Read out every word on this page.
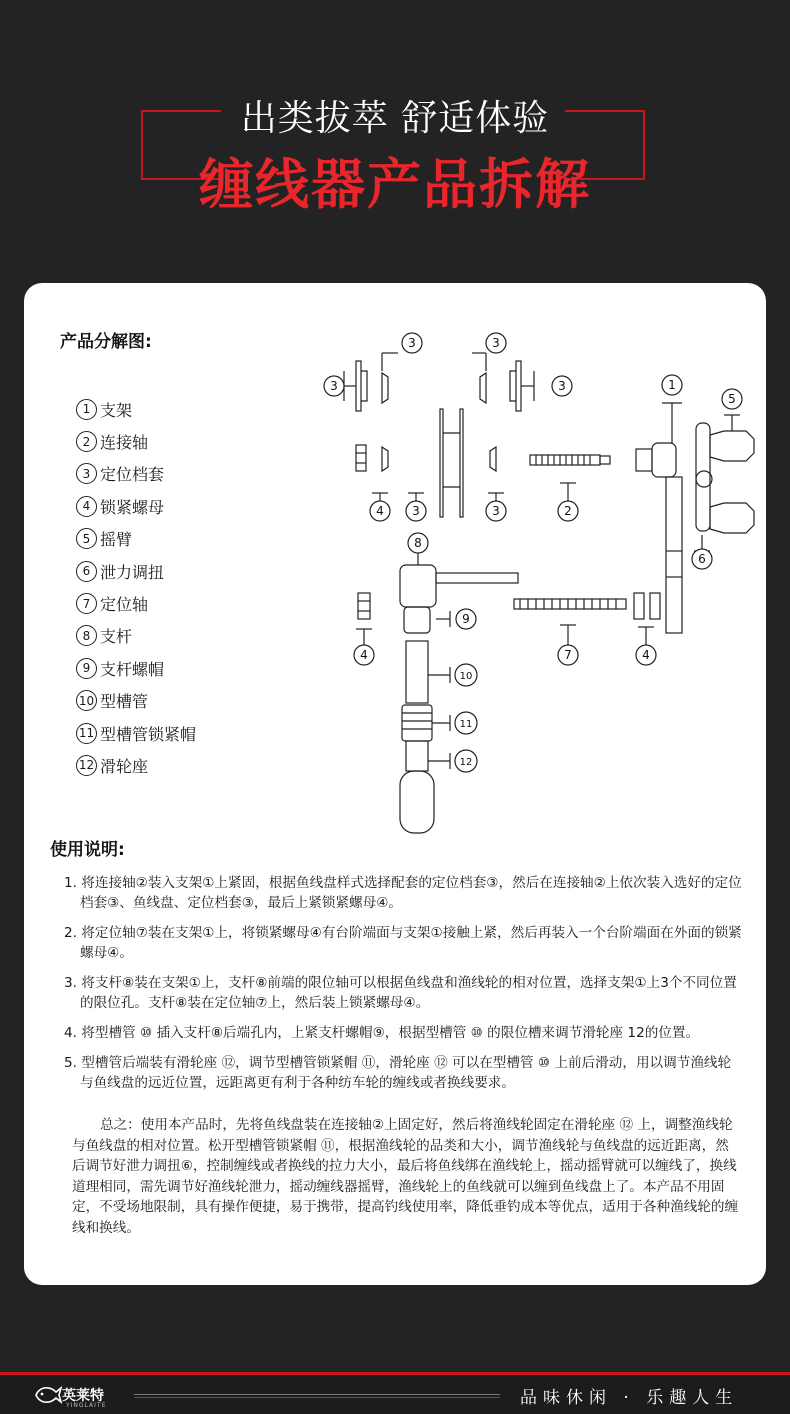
出类拔萃 舒适体验
缠线器产品拆解
产品分解图:
1 支架
2 连接轴
3 定位档套
4 锁紧螺母
5 摇臂
6 泄力调扭
7 定位轴
8 支杆
9 支杆螺帽
10 型槽管
11 型槽管锁紧帽
12 滑轮座
3
3
3
3
4 3	3	2
1
5
6
8
9
4	7	4
10
11
12
使用说明:

1. 将连接轴②装入支架①上紧固，根据鱼线盘样式选择配套的定位档套③，然后在连接轴②上依次装入选好的定位档套③、鱼线盘、定位档套③，最后上紧锁紧螺母④。

2. 将定位轴⑦装在支架①上，将锁紧螺母④有台阶端面与支架①接触上紧，然后再装入一个台阶端面在外面的锁紧螺母④。

3. 将支杆⑧装在支架①上，支杆⑧前端的限位轴可以根据鱼线盘和渔线轮的相对位置，选择支架①上3个不同位置的限位孔。支杆⑧装在定位轴⑦上，然后装上锁紧螺母④。

4. 将型槽管 ⑩ 插入支杆⑧后端孔内，上紧支杆螺帽⑨，根据型槽管 ⑩ 的限位槽来调节滑轮座 12的位置。

5. 型槽管后端装有滑轮座 ⑫，调节型槽管锁紧帽 ⑪，滑轮座 ⑫ 可以在型槽管 ⑩ 上前后滑动，用以调节渔线轮与鱼线盘的远近位置，远距离更有利于各种纺车轮的缠线或者换线要求。

总之：使用本产品时，先将鱼线盘装在连接轴②上固定好，然后将渔线轮固定在滑轮座 ⑫ 上，调整渔线轮与鱼线盘的相对位置。松开型槽管锁紧帽 ⑪，根据渔线轮的品类和大小，调节渔线轮与鱼线盘的远近距离，然后调节好泄力调扭⑥，控制缠线或者换线的拉力大小，最后将鱼线绑在渔线轮上，摇动摇臂就可以缠线了，换线道理相同，需先调节好渔线轮泄力，摇动缠线器摇臂，渔线轮上的鱼线就可以缠到鱼线盘上了。本产品不用固定，不受场地限制，具有操作便捷，易于携带，提高钓线使用率，降低垂钓成本等优点，适用于各种渔线轮的缠线和换线。

英莱特
YINGLAITE	品味休闲 · 乐趣人生
